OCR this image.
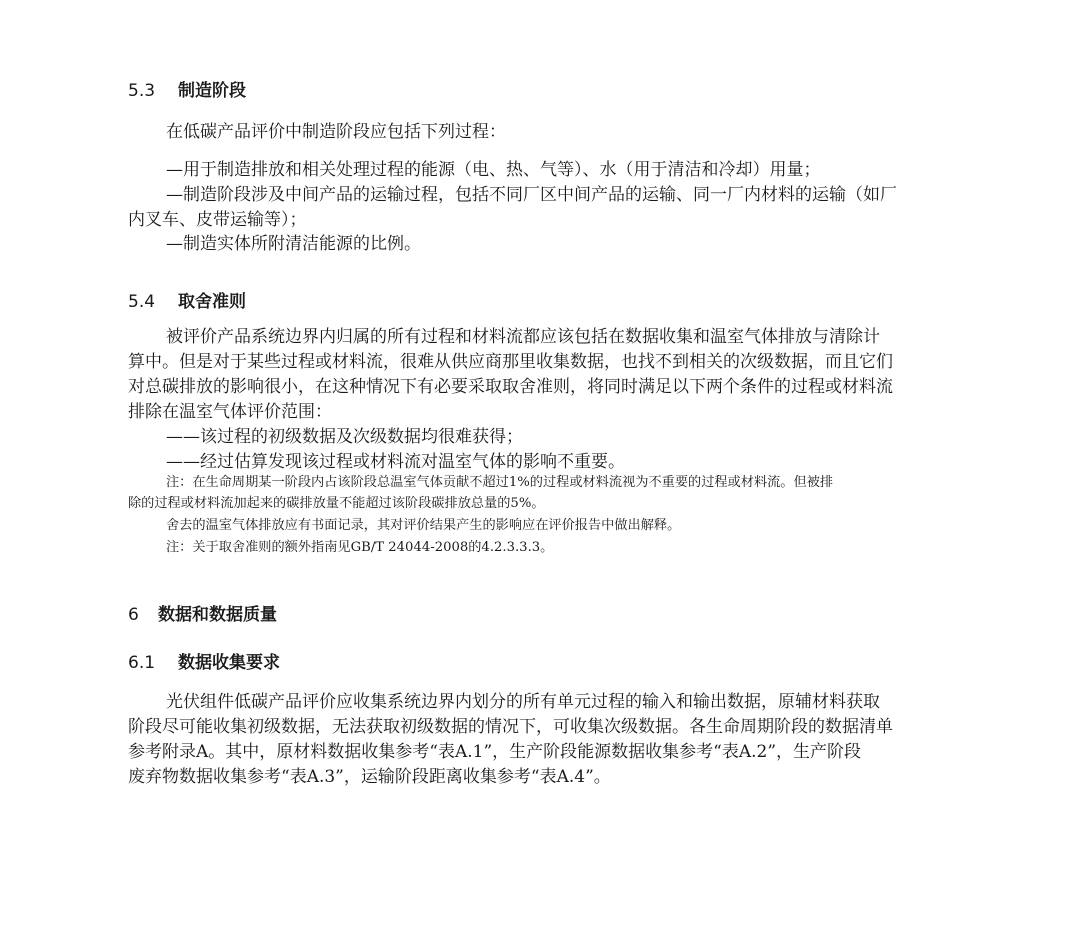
5.3 制造阶段
在低碳产品评价中制造阶段应包括下列过程：
—用于制造排放和相关处理过程的能源（电、热、气等）、水（用于清洁和冷却）用量；
—制造阶段涉及中间产品的运输过程，包括不同厂区中间产品的运输、同一厂内材料的运输（如厂
内叉车、皮带运输等）；
—制造实体所附清洁能源的比例。
5.4 取舍准则
被评价产品系统边界内归属的所有过程和材料流都应该包括在数据收集和温室气体排放与清除计
算中。但是对于某些过程或材料流，很难从供应商那里收集数据，也找不到相关的次级数据，而且它们
对总碳排放的影响很小，在这种情况下有必要采取取舍准则，将同时满足以下两个条件的过程或材料流
排除在温室气体评价范围：
——该过程的初级数据及次级数据均很难获得；
——经过估算发现该过程或材料流对温室气体的影响不重要。
注：在生命周期某一阶段内占该阶段总温室气体贡献不超过1%的过程或材料流视为不重要的过程或材料流。但被排
除的过程或材料流加起来的碳排放量不能超过该阶段碳排放总量的5%。
舍去的温室气体排放应有书面记录，其对评价结果产生的影响应在评价报告中做出解释。
注：关于取舍准则的额外指南见GB/T 24044-2008的4.2.3.3.3。
6 数据和数据质量
6.1 数据收集要求
光伏组件低碳产品评价应收集系统边界内划分的所有单元过程的输入和输出数据，原辅材料获取
阶段尽可能收集初级数据，无法获取初级数据的情况下，可收集次级数据。各生命周期阶段的数据清单
参考附录A。其中，原材料数据收集参考“表A.1”，生产阶段能源数据收集参考“表A.2”，生产阶段
废弃物数据收集参考“表A.3”，运输阶段距离收集参考“表A.4”。
